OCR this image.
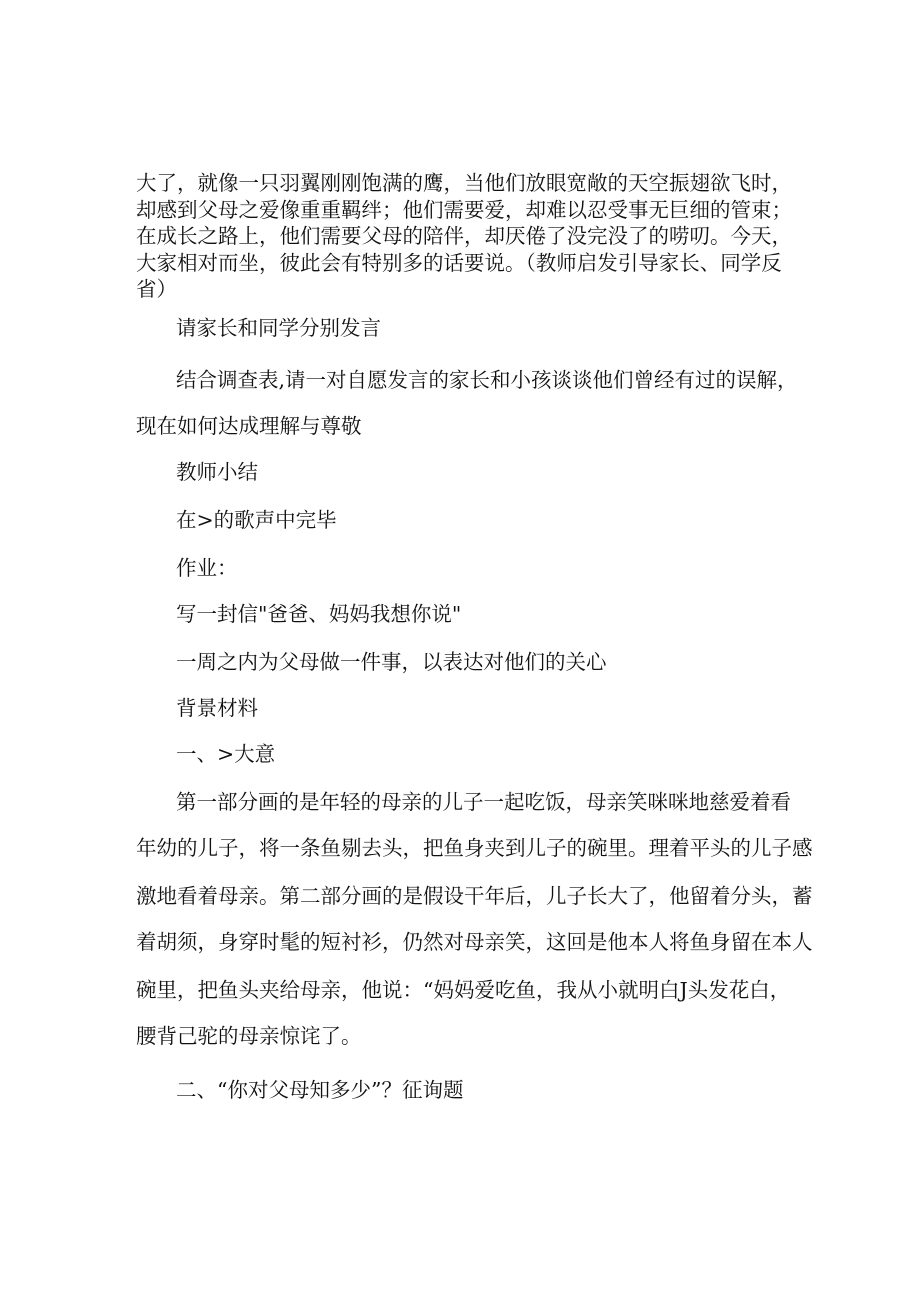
大了，就像一只羽翼刚刚饱满的鹰，当他们放眼宽敞的天空振翅欲飞时，

却感到父母之爱像重重羁绊；他们需要爱，却难以忍受事无巨细的管束；

在成长之路上，他们需要父母的陪伴，却厌倦了没完没了的唠叨。今天，

大家相对而坐，彼此会有特别多的话要说。（教师启发引导家长、同学反

省）

请家长和同学分别发言

结合调查表,请一对自愿发言的家长和小孩谈谈他们曾经有过的误解，

现在如何达成理解与尊敬

教师小结

在>的歌声中完毕

作业：

写一封信"爸爸、妈妈我想你说"

一周之内为父母做一件事，以表达对他们的关心

背景材料

一、>大意

第一部分画的是年轻的母亲的儿子一起吃饭，母亲笑咪咪地慈爱着看

年幼的儿子，将一条鱼剔去头，把鱼身夹到儿子的碗里。理着平头的儿子感

激地看着母亲。第二部分画的是假设干年后，儿子长大了，他留着分头，蓄

着胡须，身穿时髦的短衬衫，仍然对母亲笑，这回是他本人将鱼身留在本人

碗里，把鱼头夹给母亲，他说：“妈妈爱吃鱼，我从小就明白J头发花白，

腰背己驼的母亲惊诧了。

二、“你对父母知多少”？征询题
